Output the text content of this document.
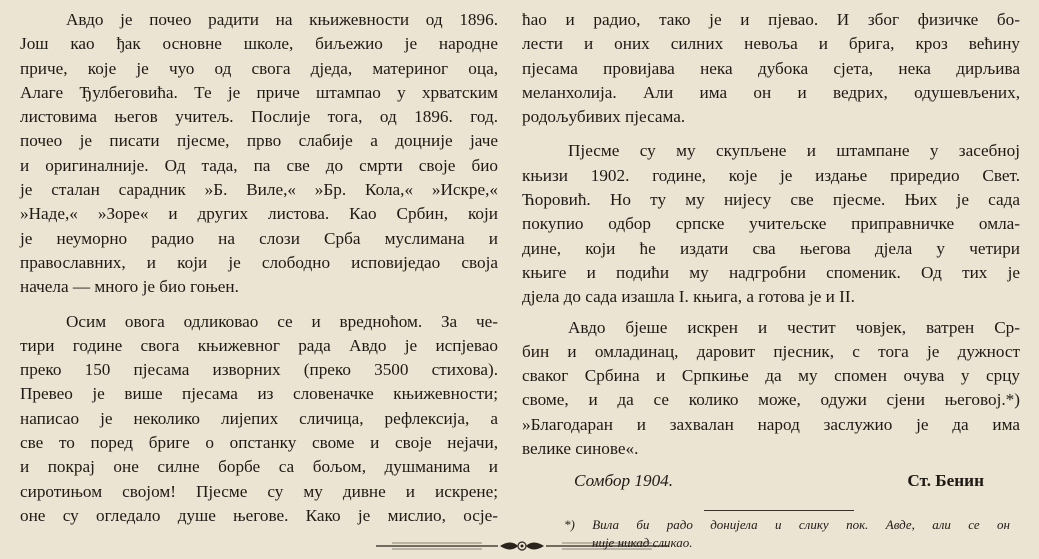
Авдо је почео радити на књижевности од 1896.
Још као ђак основне школе, биљежио је народне
приче, које је чуо од свога дједа, материног оца,
Алаге Ђулбеговића. Те је приче штампао у хрватским
листовима његов учитељ. Послије тога, од 1896. год.
почео је писати пјесме, прво слабије а доцније јаче
и оригиналније. Од тада, па све до смрти своје био
је сталан сарадник »Б. Виле,« »Бр. Кола,« »Искре,«
»Наде,« »Зоре« и других листова. Као Србин, који
је неуморно радио на слози Срба муслимана и
православних, и који је слободно исповиједао своја
начела — много је био гоњен.

Осим овога одликовао се и вредноћом. За че-
тири године свога књижевног рада Авдо је испјевао
преко 150 пјесама изворних (преко 3500 стихова).
Превео је више пјесама из словеначке књижевности;
написао је неколико лијепих сличица, рефлексија, а
све то поред бриге о опстанку своме и своје нејачи,
и покрај оне силне борбе са бољом, душманима и
сиротињом својом! Пјесме су му дивне и искрене;
оне су огледало душе његове. Како је мислио, осје-

ћао и радио, тако је и пјевао. И због физичке бо-
лести и оних силних невоља и брига, кроз већину
пјесама провијава нека дубока сјета, нека дирљива
меланхолија. Али има он и ведрих, одушевљених,
родољубивих пјесама.

Пјесме су му скупљене и штампане у засебној
књизи 1902. године, које је издање приредио Свет.
Ћоровић. Но ту му нијесу све пјесме. Њих је сада
покупио одбор српске учитељске приправничке омла-
дине, који ће издати сва његова дјела у четири
књиге и подићи му надгробни споменик. Од тих је
дјела до сада изашла I. књига, а готова је и II.

Авдо бјеше искрен и честит човјек, ватрен Ср-
бин и омладинац, даровит пјесник, с тога је дужност
сваког Србина и Српкиње да му спомен очува у срцу
своме, и да се колико може, одужи сјени његовој.*)
»Благодаран и захвалан народ заслужио је да има
велике синове«.

Сомбор 1904.	Ст. Бенин
*) Вила би радо донијела и слику пок. Авде, али се он
није никад сликао.
